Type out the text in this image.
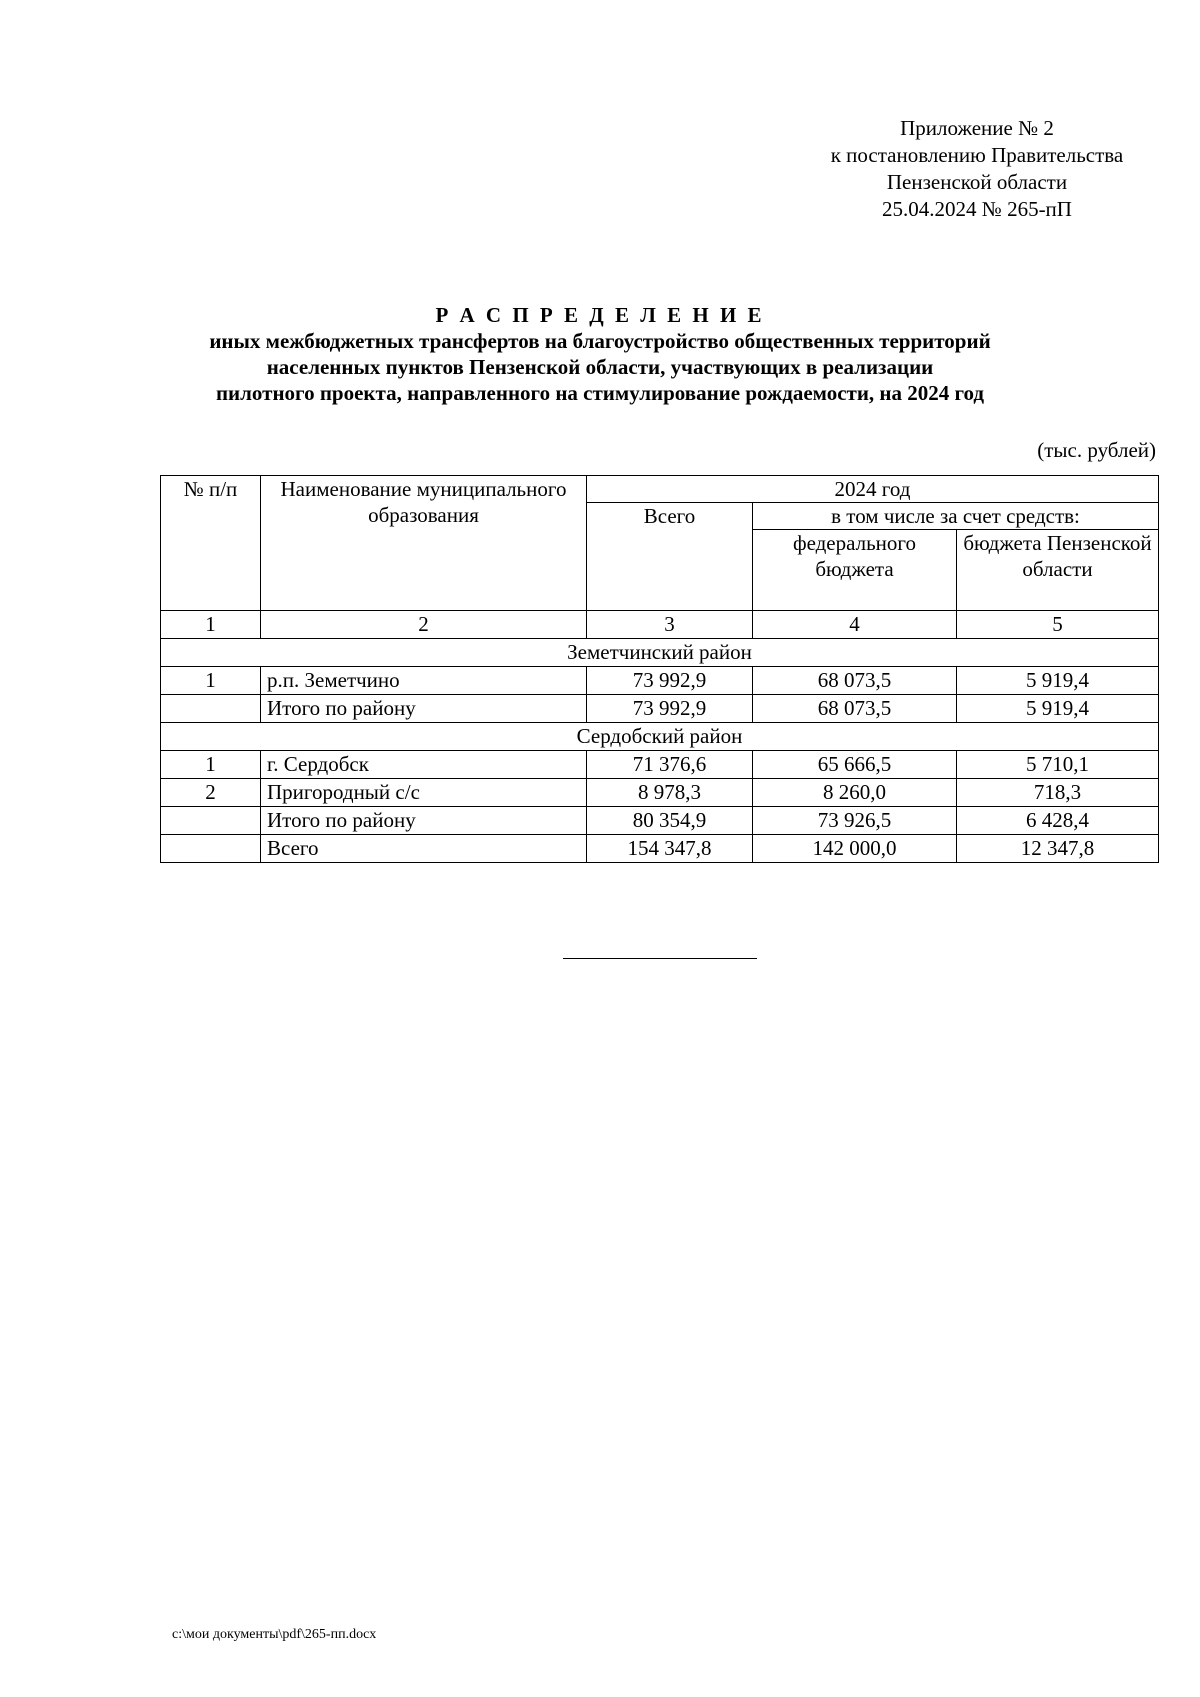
Приложение № 2
к постановлению Правительства
Пензенской области
25.04.2024 № 265-пП
Р А С П Р Е Д Е Л Е Н И Е
иных межбюджетных трансфертов на благоустройство общественных территорий
населенных пунктов Пензенской области, участвующих в реализации
пилотного проекта, направленного на стимулирование рождаемости, на 2024 год
(тыс. рублей)
№ п/п	Наименование муниципального образования	2024 год		
		Всего	в том числе за счет средств:	
			федерального бюджета	бюджета Пензенской области
1	2	3	4	5
Земетчинский район				
1	р.п. Земетчино	73 992,9	68 073,5	5 919,4
	Итого по району	73 992,9	68 073,5	5 919,4
Сердобский район				
1	г. Сердобск	71 376,6	65 666,5	5 710,1
2	Пригородный с/с	8 978,3	8 260,0	718,3
	Итого по району	80 354,9	73 926,5	6 428,4
	Всего	154 347,8	142 000,0	12 347,8
c:\мои документы\pdf\265-пп.docx
